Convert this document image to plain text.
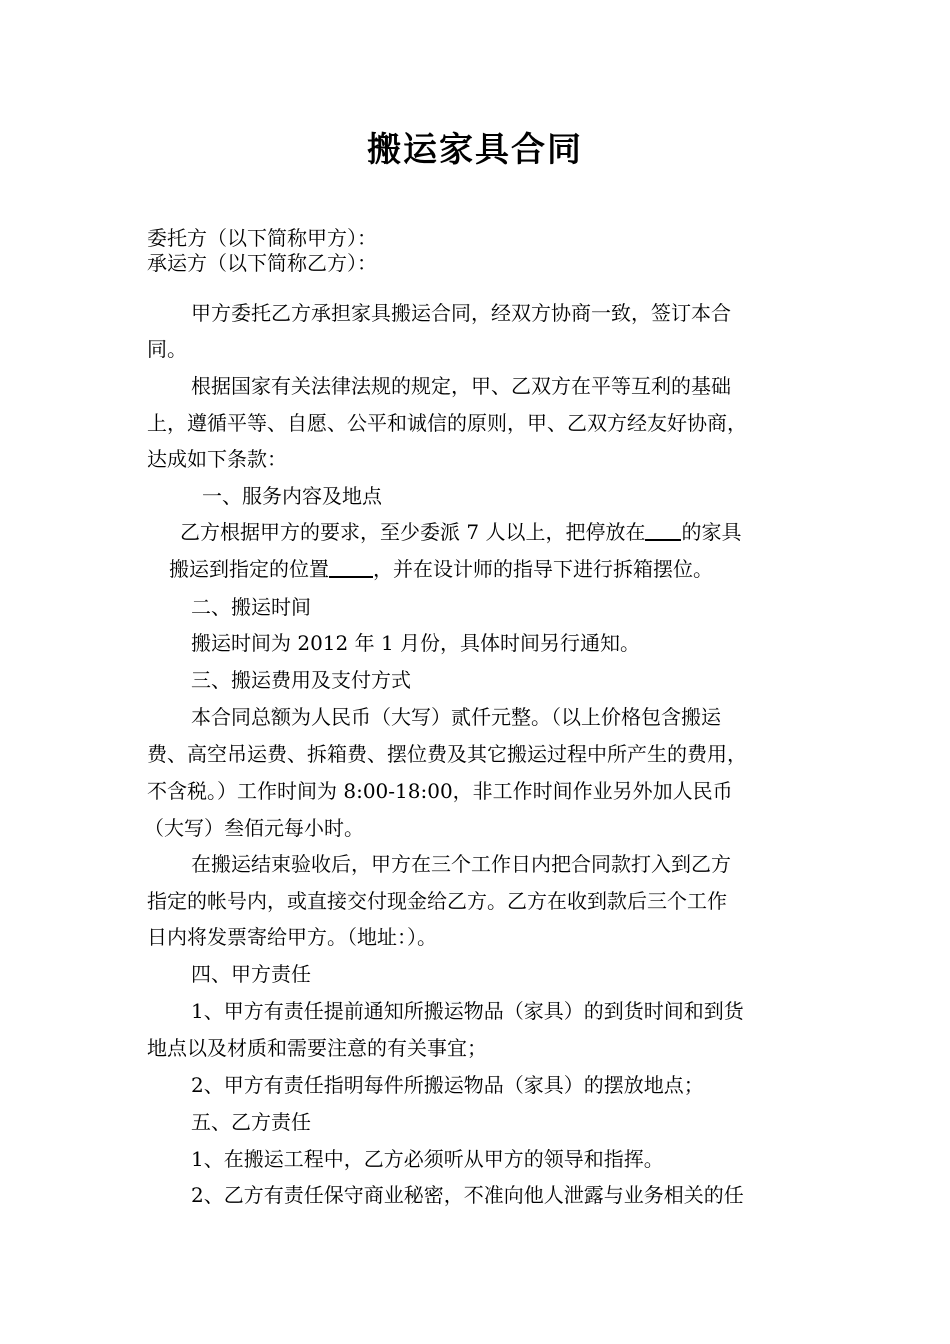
搬运家具合同
委托方（以下简称甲方）：
承运方（以下简称乙方）：
甲方委托乙方承担家具搬运合同，经双方协商一致，签订本合
同。
根据国家有关法律法规的规定，甲、乙双方在平等互利的基础
上，遵循平等、自愿、公平和诚信的原则，甲、乙双方经友好协商，
达成如下条款：
一、服务内容及地点
乙方根据甲方的要求，至少委派 7 人以上，把停放在 的家具
搬运到指定的位置 ，并在设计师的指导下进行拆箱摆位。
二、搬运时间
搬运时间为 2012 年 1 月份，具体时间另行通知。
三、搬运费用及支付方式
本合同总额为人民币（大写）贰仟元整。（以上价格包含搬运
费、高空吊运费、拆箱费、摆位费及其它搬运过程中所产生的费用，
不含税。）工作时间为 8:00-18:00，非工作时间作业另外加人民币
（大写）叁佰元每小时。
在搬运结束验收后，甲方在三个工作日内把合同款打入到乙方
指定的帐号内，或直接交付现金给乙方。乙方在收到款后三个工作
日内将发票寄给甲方。（地址：）。
四、甲方责任
1、甲方有责任提前通知所搬运物品（家具）的到货时间和到货
地点以及材质和需要注意的有关事宜；
2、甲方有责任指明每件所搬运物品（家具）的摆放地点；
五、乙方责任
1、在搬运工程中，乙方必须听从甲方的领导和指挥。
2、乙方有责任保守商业秘密，不准向他人泄露与业务相关的任
